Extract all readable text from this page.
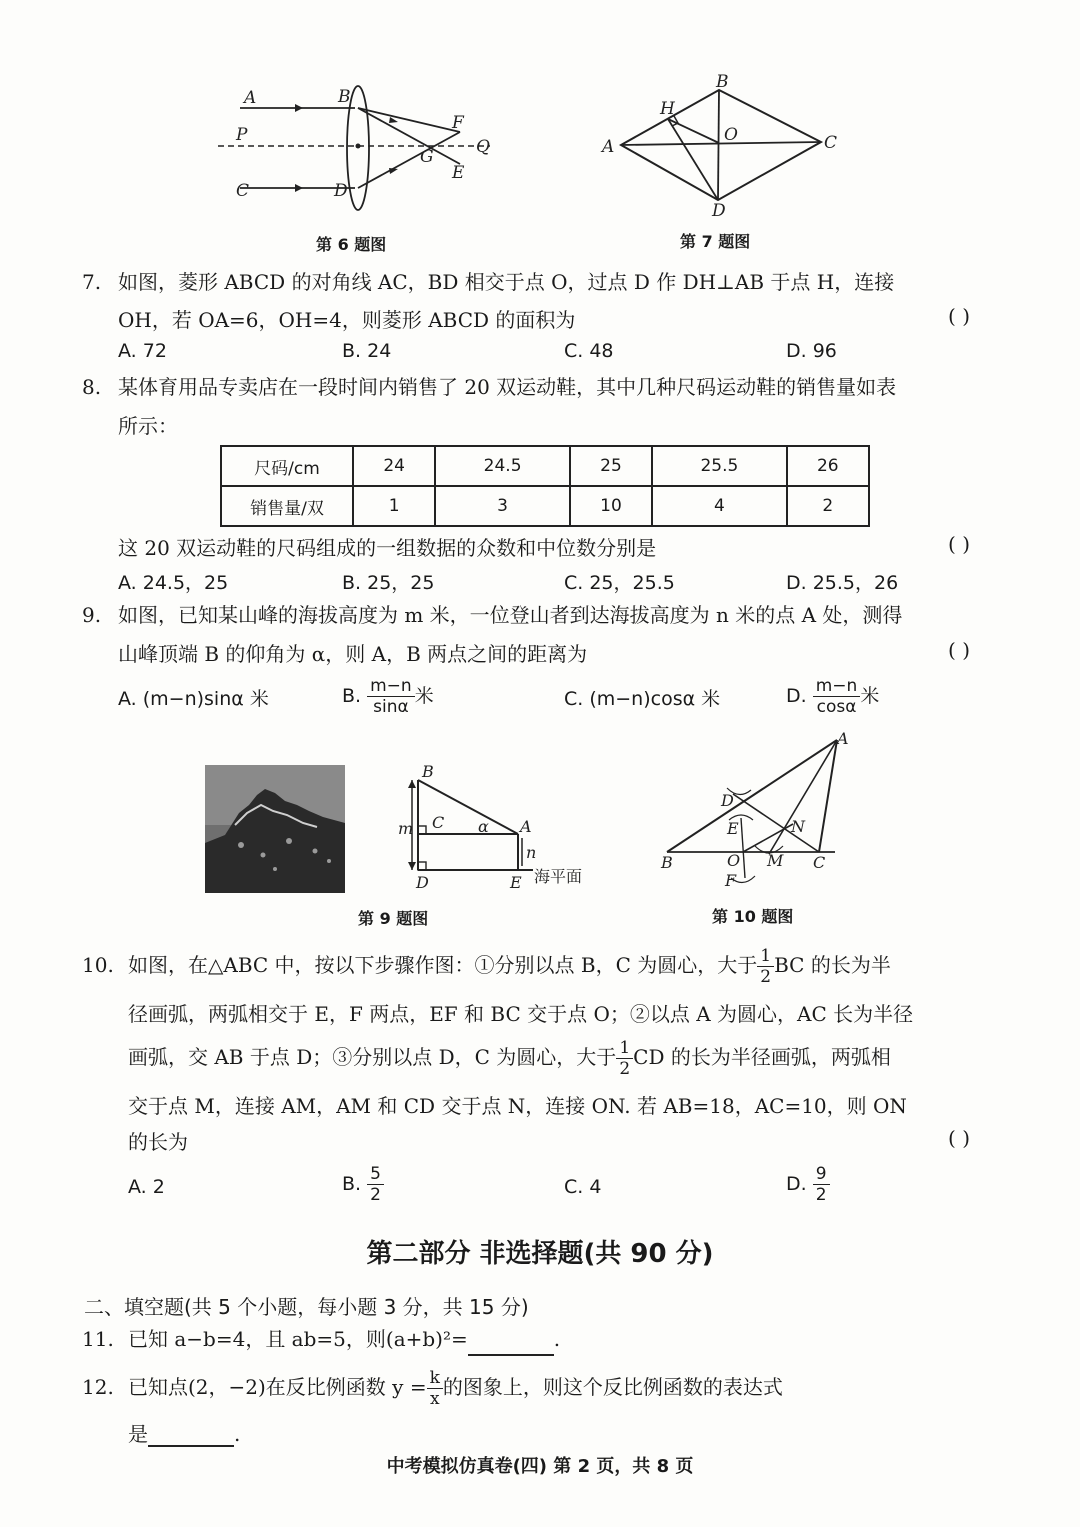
A	B
P
C	D
F
G Q
E
第 6 题图
B
H
O
A	C
D
第 7 题图
7. 如图，菱形 ABCD 的对角线 AC，BD 相交于点 O，过点 D 作 DH⊥AB 于点 H，连接
OH，若 OA=6，OH=4，则菱形 ABCD 的面积为	( )
A. 72	B. 24	C. 48	D. 96
8. 某体育用品专卖店在一段时间内销售了 20 双运动鞋，其中几种尺码运动鞋的销售量如表
所示：
尺码/cm	24	24.5	25	25.5	26
销售量/双	1	3	10	4	2
这 20 双运动鞋的尺码组成的一组数据的众数和中位数分别是	( )
A. 24.5，25	B. 25，25	C. 25，25.5	D. 25.5，26
9. 如图，已知某山峰的海拔高度为 m 米，一位登山者到达海拔高度为 n 米的点 A 处，测得
山峰顶端 B 的仰角为 α，则 A，B 两点之间的距离为	( )
A. (m−n)sinα 米	B. $\frac{m-n}{\sin\alpha}$ 米	C. (m−n)cosα 米	D. $\frac{m-n}{\cos\alpha}$ 米
B
C
m	α A
n
D	E 海平面
第 9 题图
A
D
E	N
B	O M C
F
第 10 题图
10. 如图，在△ABC 中，按以下步骤作图：①分别以点 B，C 为圆心，大于 $\frac{1}{2}$ BC 的长为半
径画弧，两弧相交于 E，F 两点，EF 和 BC 交于点 O；②以点 A 为圆心，AC 长为半径
画弧，交 AB 于点 D；③分别以点 D，C 为圆心，大于 $\frac{1}{2}$ CD 的长为半径画弧，两弧相
交于点 M，连接 AM，AM 和 CD 交于点 N，连接 ON. 若 AB=18，AC=10，则 ON
的长为	( )
A. 2	B. $\frac{5}{2}$	C. 4	D. $\frac{9}{2}$
第二部分 非选择题(共 90 分)
二、填空题(共 5 个小题，每小题 3 分，共 15 分)
11. 已知 a−b=4，且 ab=5，则(a+b)²=	.
12. 已知点(2，−2)在反比例函数 $y = \frac{k}{x}$ 的图象上，则这个反比例函数的表达式
是	.
中考模拟仿真卷(四) 第 2 页，共 8 页
